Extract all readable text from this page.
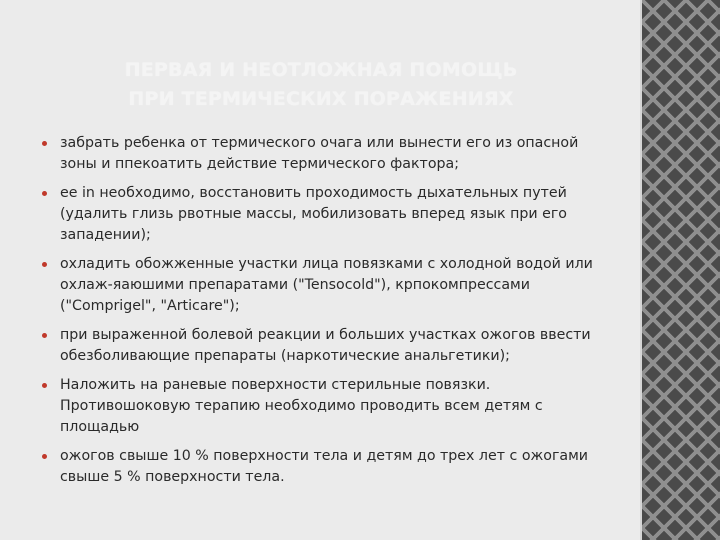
ПЕРВАЯ И НЕОТЛОЖНАЯ ПОМОЩЬ
ПРИ ТЕРМИЧЕСКИХ ПОРАЖЕНИЯХ
забрать ребенка от термического очага или вынести его из опасной зоны и ппекоатить действие термического фактора;
ее in необходимо, восстановить проходимость дыхательных путей (удалить глизь рвотные массы, мобилизовать вперед язык при его западении);
охладить обожженные участки лица повязками с холодной водой или охлаж-яаюшими препаратами ("Tensocold"), крпокомпрессами ("Comprigel", "Articare");
при выраженной болевой реакции и больших участках ожогов ввести обезболивающие препараты (наркотические анальгетики);
Наложить на раневые поверхности стерильные повязки. Противошоковую терапию необходимо проводить всем детям с площадью
ожогов свыше 10 % поверхности тела и детям до трех лет с ожогами свыше 5 % поверхности тела.
